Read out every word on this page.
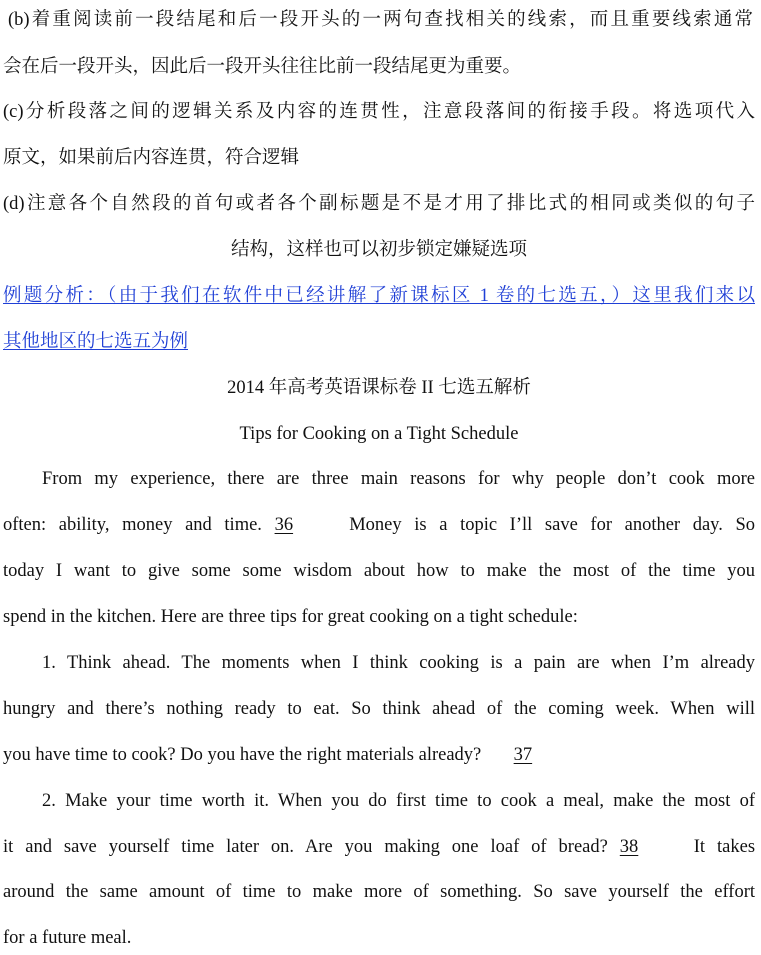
(b)着重阅读前一段结尾和后一段开头的一两句查找相关的线索，而且重要线索通常
会在后一段开头，因此后一段开头往往比前一段结尾更为重要。
(c)分析段落之间的逻辑关系及内容的连贯性，注意段落间的衔接手段。将选项代入
原文，如果前后内容连贯，符合逻辑
(d)注意各个自然段的首句或者各个副标题是不是才用了排比式的相同或类似的句子
结构，这样也可以初步锁定嫌疑选项
例题分析：（由于我们在软件中已经讲解了新课标区 1 卷的七选五，）这里我们来以
其他地区的七选五为例
2014 年高考英语课标卷 II 七选五解析
Tips for Cooking on a Tight Schedule
From my experience, there are three main reasons for why people don’t cook more
often: ability, money and time. 36	Money is a topic I’ll save for another day. So
today I want to give some some wisdom about how to make the most of the time you
spend in the kitchen. Here are three tips for great cooking on a tight schedule:
1. Think ahead. The moments when I think cooking is a pain are when I’m already
hungry and there’s nothing ready to eat. So think ahead of the coming week. When will
you have time to cook? Do you have the right materials already? 37
2. Make your time worth it. When you do first time to cook a meal, make the most of
it and save yourself time later on. Are you making one loaf of bread? 38	It takes
around the same amount of time to make more of something. So save yourself the effort
for a future meal.
